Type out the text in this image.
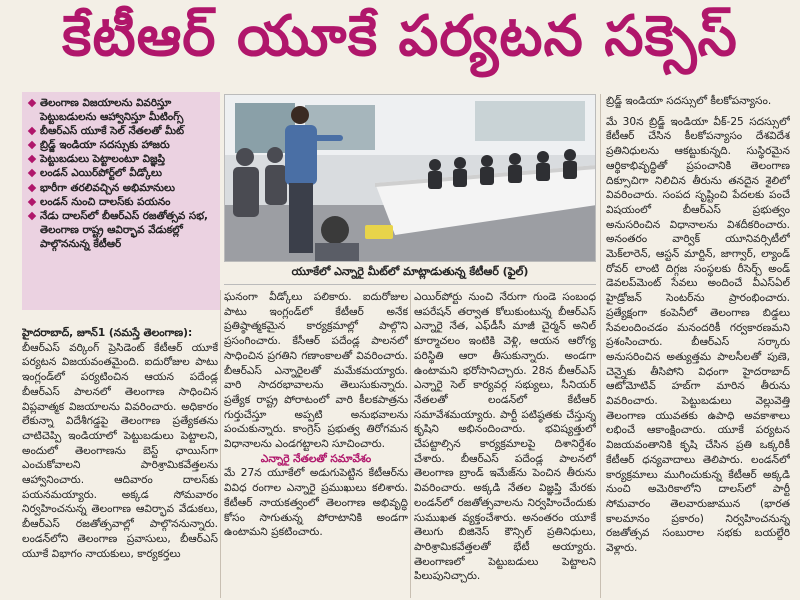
కేటీఆర్ యూకే పర్యటన సక్సెస్
తెలంగాణ విజయాలను వివరిస్తూ పెట్టుబడులను ఆహ్వానిస్తూ మీటింగ్స్
బీఆర్ఎస్ యూకే సెల్ నేతలతో మీట్
బ్రిడ్జ్ ఇండియా సదస్సుకు హాజరు
పెట్టుబడులు పెట్టాలంటూ విజ్ఞప్తి
లండన్ ఎయిర్‌పోర్ట్‌లో వీడ్కోలు
భారీగా తరలివచ్చిన అభిమానులు
లండన్ నుంచి దాలస్‌కు పయనం
నేడు దాలస్‌లో బీఆర్ఎస్ రజతోత్సవ సభ, తెలంగాణ రాష్ట్ర ఆవిర్భావ వేడుకల్లో పాల్గొననున్న కేటీఆర్
యూకేలో ఎన్నారై మీట్‌లో మాట్లాడుతున్న కేటీఆర్ (ఫైల్)

హైదరాబాద్, జూన్1 (నమస్తే తెలంగాణ):

బీఆర్ఎస్ వర్కింగ్ ప్రెసిడెంట్ కేటీఆర్ యూకే పర్యటన విజయవంతమైంది. ఐదురోజుల పాటు ఇంగ్లండ్‌లో పర్యటించిన ఆయన పదేండ్ల బీఆర్ఎస్ పాలనలో తెలంగాణ సాధించిన విప్లవాత్మక విజయాలను వివరించారు. అధికారం లేకున్నా విదేశీగడ్డపై తెలంగాణ ప్రత్యేకతను చాటిచెప్పి ఇండియాలో పెట్టుబడులు పెట్టాలని, అందులో తెలంగాణను బెస్ట్ ఛాయిస్‌గా ఎంచుకోవాలని పారిశ్రామికవేత్తలను ఆహ్వానించారు. ఆదివారం దాలస్‌కు పయనమయ్యారు. అక్కడ సోమవారం నిర్వహించనున్న తెలంగాణ ఆవిర్భావ వేడుకలు, బీఆర్ఎస్ రజతోత్సవాల్లో పాల్గొననున్నారు. లండన్‌లోని తెలంగాణ ప్రవాసులు, బీఆర్ఎస్ యూకే విభాగం నాయకులు, కార్యకర్తలు

ఘనంగా వీడ్కోలు పలికారు. ఐదురోజుల పాటు ఇంగ్లండ్‌లో కేటీఆర్ అనేక ప్రతిష్ఠాత్మకమైన కార్యక్రమాల్లో పాల్గొని ప్రసంగించారు. కేసీఆర్ పదేండ్ల పాలనలో సాధించిన ప్రగతిని గణాంకాలతో వివరించారు. బీఆర్ఎస్ ఎన్నారైలతో మమేకమయ్యారు. వారి సాదరభావాలను తెలుసుకున్నారు. ప్రత్యేక రాష్ట్ర పోరాటంలో వారి కీలకపాత్రను గుర్తుచేస్తూ అప్పటి అనుభవాలను పంచుకున్నారు. కాంగ్రెస్ ప్రభుత్వ తిరోగమన విధానాలను ఎండగట్టాలని సూచించారు.

ఎన్నారై నేతలతో సమావేశం

మే 27న యూకేలో అడుగుపెట్టిన కేటీఆర్‌ను వివిధ రంగాల ఎన్నారై ప్రముఖులు కలిశారు. కేటీఆర్ నాయకత్వంలో తెలంగాణ అభివృద్ధి కోసం సాగుతున్న పోరాటానికి అండగా ఉంటామని ప్రకటించారు.

ఎయిర్‌పోర్టు నుంచి నేరుగా గుండె సంబంధ ఆపరేషన్ తర్వాత కోలుకుంటున్న బీఆర్ఎస్ ఎన్నారై నేత, ఎఫ్‌డీసీ మాజీ చైర్మన్ అనిల్ కూర్మాచలం ఇంటికి వెళ్లి, ఆయన ఆరోగ్య పరిస్థితి ఆరా తీసుకున్నారు. అండగా ఉంటామని భరోసానిచ్చారు. 28న బీఆర్ఎస్ ఎన్నారై సెల్ కార్యవర్గ సభ్యులు, సీనియర్ నేతలతో లండన్‌లో కేటీఆర్ సమావేశమయ్యారు. పార్టీ పటిష్ఠతకు చేస్తున్న కృషిని అభినందించారు. భవిష్యత్తులో చేపట్టాల్సిన కార్యక్రమాలపై దిశానిర్దేశం చేశారు. బీఆర్ఎస్ పదేండ్ల పాలనలో తెలంగాణ బ్రాండ్ ఇమేజ్‌ను పెంచిన తీరును వివరించారు. అక్కడి నేతల విజ్ఞప్తి మేరకు లండన్‌లో రజతోత్సవాలను నిర్వహించేందుకు సుముఖత వ్యక్తంచేశారు. అనంతరం యూకే తెలుగు బిజినెస్ కౌన్సిల్ ప్రతినిధులు, పారిశ్రామికవేత్తలతో భేటీ అయ్యారు. తెలంగాణలో పెట్టుబడులు పెట్టాలని పిలుపునిచ్చారు.

బ్రిడ్జ్ ఇండియా సదస్సులో కీలకోపన్యాసం.

మే 30న బ్రిడ్జ్ ఇండియా వీక్-25 సదస్సులో కేటీఆర్ చేసిన కీలకోపన్యాసం దేశవిదేశ ప్రతినిధులను ఆకట్టుకున్నది. సుస్థిరమైన ఆర్థికాభివృద్ధితో ప్రపంచానికి తెలంగాణ దిక్సూచిగా నిలిచిన తీరును తనదైన శైలిలో వివరించారు. సంపద సృష్టించి పేదలకు పంచే విషయంలో బీఆర్ఎస్ ప్రభుత్వం అనుసరించిన విధానాలను విశదీకరించారు. అనంతరం వార్విక్ యూనివర్సిటీలో మెక్‌లారెన్, ఆస్టన్ మార్టిన్, జాగ్వార్, ల్యాండ్ రోవర్ లాంటి దిగ్గజ సంస్థలకు రీసెర్చ్ అండ్ డెవలప్‌మెంట్ సేవలు అందించే వీఎస్ఏల్ హైడ్రోజన్ సెంటర్‌ను ప్రారంభించారు. ప్రత్యేక్షంగా కంపెనీలో తెలంగాణ బిడ్డలు సేవలందించడం మనందరికీ గర్వకారణమని ప్రశంసించారు. బీఆర్ఎస్ సర్కారు అనుసరించిన అత్యుత్తమ పాలసీలతో పుణె, చెన్నైకు తీసిపోని విధంగా హైదరాబాద్ ఆటోమోటివ్ హబ్‌గా మారిన తీరును వివరించారు. పెట్టుబడులు వెల్లువెత్తి తెలంగాణ యువతకు ఉపాధి అవకాశాలు లభించే ఆకాంక్షించారు. యూకే పర్యటన విజయవంతానికి కృషి చేసిన ప్రతి ఒక్కరికీ కేటీఆర్ ధన్యవాదాలు తెలిపారు. లండన్‌లో కార్యక్రమాలు ముగించుకున్న కేటీఆర్ అక్కడి నుంచి అమెరికాలోని దాలస్‌లో పార్టీ సోమవారం తెలవారుజామున (భారత కాలమానం ప్రకారం) నిర్వహించనున్న రజతోత్సవ సంబురాల సభకు బయల్దేరి వెళ్లారు.
